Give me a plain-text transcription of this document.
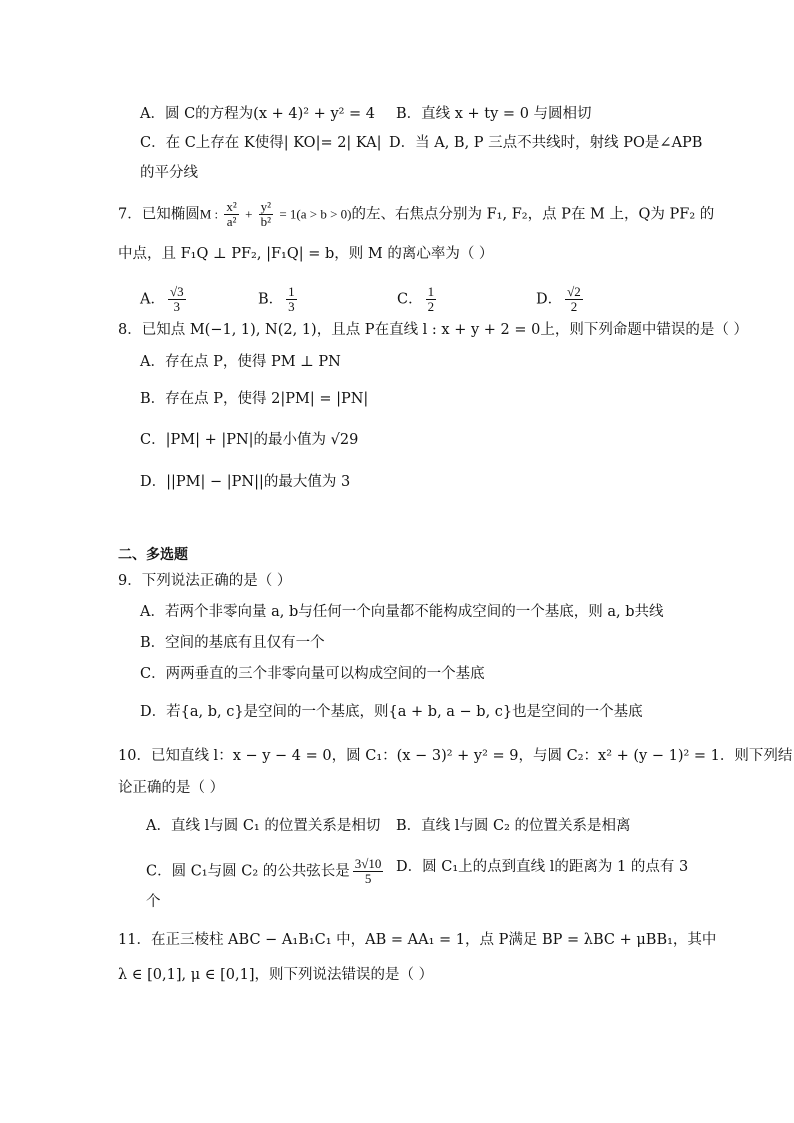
A．圆 C的方程为(x + 4)² + y² = 4 B．直线 x + ty = 0 与圆相切
C．在 C上存在 K使得| KO|= 2| KA| D．当 A, B, P 三点不共线时，射线 PO是∠APB
的平分线
7．已知椭圆M : $\frac{\text{x²}}{\text{a²}} + \frac{\text{y²}}{\text{b²}} = 1(a > b > 0)$的左、右焦点分别为 F₁, F₂，点 P在 M 上，Q为 PF₂ 的
中点，且 F₁Q ⊥ PF₂, |F₁Q| = b，则 M 的离心率为（ ）
A． $\frac{√3}{3}$	B． $\frac{1}{3}$	C． $\frac{1}{2}$	D． $\frac{√2}{2}$
8．已知点 M(−1, 1), N(2, 1)，且点 P在直线 l : x + y + 2 = 0上，则下列命题中错误的是（ ）
A．存在点 P，使得 PM ⊥ PN
B．存在点 P，使得 2|PM| = |PN|
C．|PM| + |PN|的最小值为 √29
D．||PM| − |PN||的最大值为 3
二、多选题
9．下列说法正确的是（ ）
A．若两个非零向量 a, b与任何一个向量都不能构成空间的一个基底，则 a, b共线
B．空间的基底有且仅有一个
C．两两垂直的三个非零向量可以构成空间的一个基底
D．若{a, b, c}是空间的一个基底，则{a + b, a − b, c}也是空间的一个基底
10．已知直线 l：x − y − 4 = 0，圆 C₁：(x − 3)² + y² = 9，与圆 C₂：x² + (y − 1)² = 1．则下列结
论正确的是（ ）
A．直线 l与圆 C₁ 的位置关系是相切 B．直线 l与圆 C₂ 的位置关系是相离
C．圆 C₁与圆 C₂ 的公共弦长是 $\frac{3√10}{5}$ D．圆 C₁上的点到直线 l的距离为 1 的点有 3
个
11．在正三棱柱 ABC − A₁B₁C₁ 中，AB = AA₁ = 1，点 P满足 BP = λBC + μBB₁，其中
λ ∈ [0,1], μ ∈ [0,1]，则下列说法错误的是（ ）
